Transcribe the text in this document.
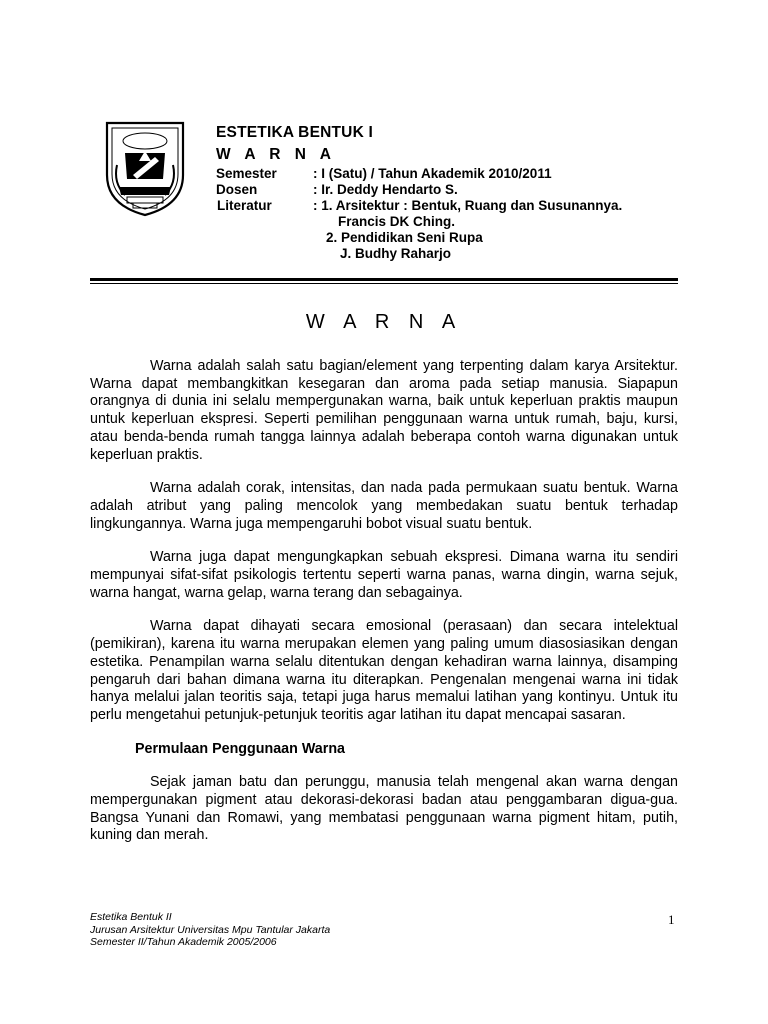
ESTETIKA BENTUK I
W A R N A
Semester	: I (Satu) / Tahun Akademik 2010/2011
Dosen	: Ir. Deddy Hendarto S.
Literatur	: 1. Arsitektur : Bentuk, Ruang dan Susunannya.
Francis DK Ching.
2. Pendidikan Seni Rupa
J. Budhy Raharjo
W A R N A

Warna adalah salah satu bagian/element yang terpenting dalam karya Arsitektur. Warna dapat membangkitkan kesegaran dan aroma pada setiap manusia. Siapapun orangnya di dunia ini selalu mempergunakan warna, baik untuk keperluan praktis maupun untuk keperluan ekspresi. Seperti pemilihan penggunaan warna untuk rumah, baju, kursi, atau benda-benda rumah tangga lainnya adalah beberapa contoh warna digunakan untuk keperluan praktis.

Warna adalah corak, intensitas, dan nada pada permukaan suatu bentuk. Warna adalah atribut yang paling mencolok yang membedakan suatu bentuk terhadap lingkungannya. Warna juga mempengaruhi bobot visual suatu bentuk.

Warna juga dapat mengungkapkan sebuah ekspresi. Dimana warna itu sendiri mempunyai sifat-sifat psikologis tertentu seperti warna panas, warna dingin, warna sejuk, warna hangat, warna gelap, warna terang dan sebagainya.

Warna dapat dihayati secara emosional (perasaan) dan secara intelektual (pemikiran), karena itu warna merupakan elemen yang paling umum diasosiasikan dengan estetika. Penampilan warna selalu ditentukan dengan kehadiran warna lainnya, disamping pengaruh dari bahan dimana warna itu diterapkan. Pengenalan mengenai warna ini tidak hanya melalui jalan teoritis saja, tetapi juga harus memalui latihan yang kontinyu. Untuk itu perlu mengetahui petunjuk-petunjuk teoritis agar latihan itu dapat mencapai sasaran.

Permulaan Penggunaan Warna

Sejak jaman batu dan perunggu, manusia telah mengenal akan warna dengan mempergunakan pigment atau dekorasi-dekorasi badan atau penggambaran digua-gua. Bangsa Yunani dan Romawi, yang membatasi penggunaan warna pigment hitam, putih, kuning dan merah.

Estetika Bentuk II
Jurusan Arsitektur Universitas Mpu Tantular Jakarta
Semester II/Tahun Akademik 2005/2006
1
